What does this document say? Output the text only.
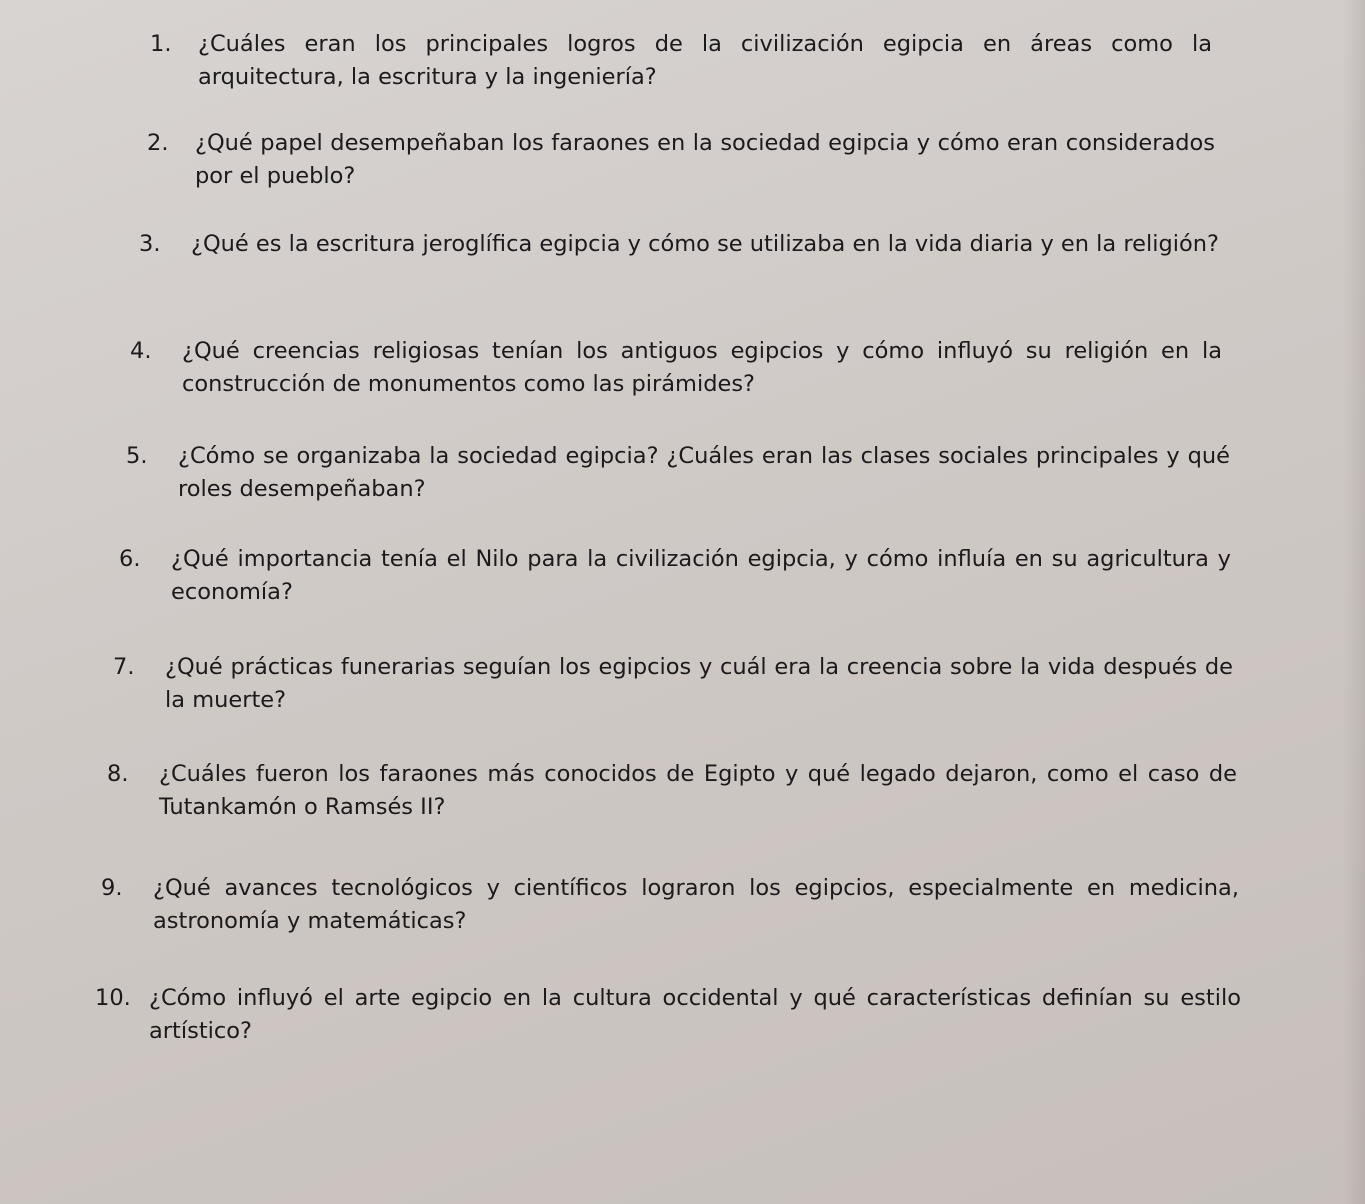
1.	¿Cuáles eran los principales logros de la civilización egipcia en áreas como la arquitectura, la escritura y la ingeniería?

2.	¿Qué papel desempeñaban los faraones en la sociedad egipcia y cómo eran considerados por el pueblo?

3.	¿Qué es la escritura jeroglífica egipcia y cómo se utilizaba en la vida diaria y en la religión?

4.	¿Qué creencias religiosas tenían los antiguos egipcios y cómo influyó su religión en la construcción de monumentos como las pirámides?

5.	¿Cómo se organizaba la sociedad egipcia? ¿Cuáles eran las clases sociales principales y qué roles desempeñaban?

6.	¿Qué importancia tenía el Nilo para la civilización egipcia, y cómo influía en su agricultura y economía?

7.	¿Qué prácticas funerarias seguían los egipcios y cuál era la creencia sobre la vida después de la muerte?

8.	¿Cuáles fueron los faraones más conocidos de Egipto y qué legado dejaron, como el caso de Tutankamón o Ramsés II?

9.	¿Qué avances tecnológicos y científicos lograron los egipcios, especialmente en medicina, astronomía y matemáticas?

10. ¿Cómo influyó el arte egipcio en la cultura occidental y qué características definían su estilo artístico?
